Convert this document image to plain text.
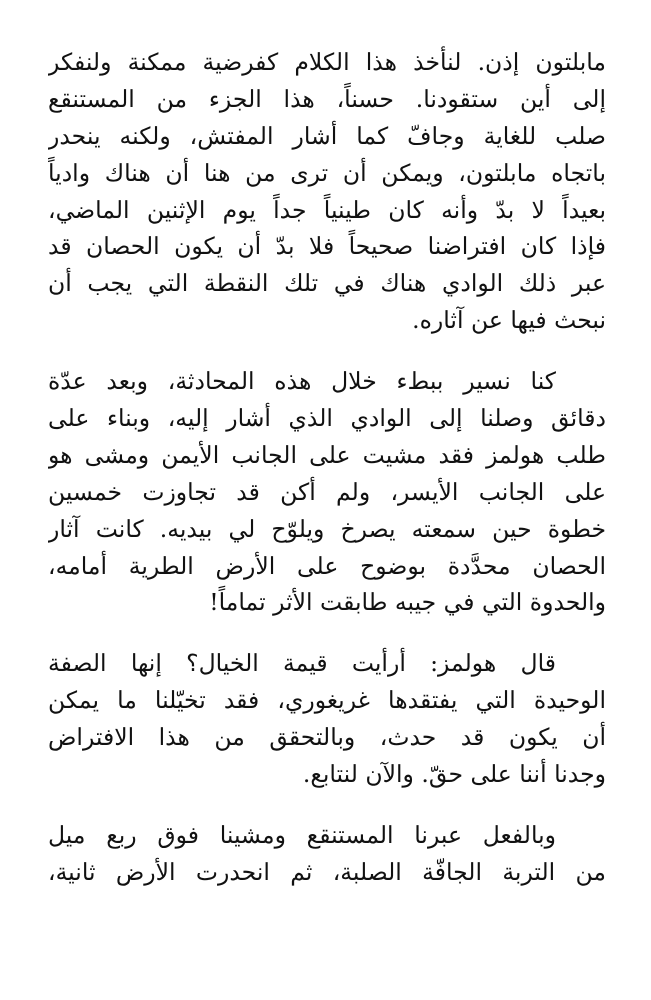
مابلتون إذن. لنأخذ هذا الكلام كفرضية ممكنة ولنفكر
إلى أين ستقودنا. حسناً، هذا الجزء من المستنقع
صلب للغاية وجافّ كما أشار المفتش، ولكنه ينحدر
باتجاه مابلتون، ويمكن أن ترى من هنا أن هناك وادياً
بعيداً لا بدّ وأنه كان طينياً جداً يوم الإثنين الماضي،
فإذا كان افتراضنا صحيحاً فلا بدّ أن يكون الحصان قد
عبر ذلك الوادي هناك في تلك النقطة التي يجب أن
نبحث فيها عن آثاره.
كنا نسير ببطء خلال هذه المحادثة، وبعد عدّة
دقائق وصلنا إلى الوادي الذي أشار إليه، وبناء على
طلب هولمز فقد مشيت على الجانب الأيمن ومشى هو
على الجانب الأيسر، ولم أكن قد تجاوزت خمسين
خطوة حين سمعته يصرخ ويلوّح لي بيديه. كانت آثار
الحصان محدَّدة بوضوح على الأرض الطرية أمامه،
والحدوة التي في جيبه طابقت الأثر تماماً!
قال هولمز: أرأيت قيمة الخيال؟ إنها الصفة
الوحيدة التي يفتقدها غريغوري، فقد تخيّلنا ما يمكن
أن يكون قد حدث، وبالتحقق من هذا الافتراض
وجدنا أننا على حقّ. والآن لنتابع.
وبالفعل عبرنا المستنقع ومشينا فوق ربع ميل
من التربة الجافّة الصلبة، ثم انحدرت الأرض ثانية،
